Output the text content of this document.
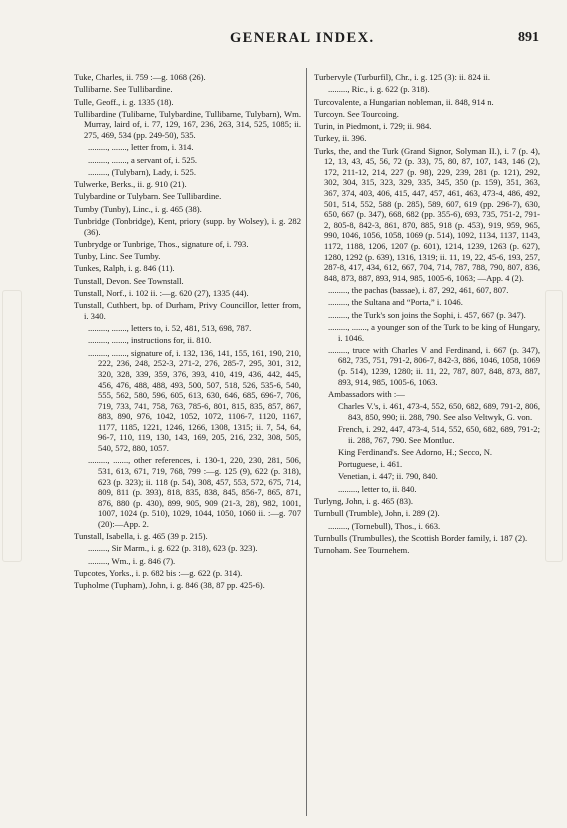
GENERAL INDEX.	891
Tuke, Charles, ii. 759 :—g. 1068 (26).
Tullibarne. See Tullibardine.
Tulle, Geoff., i. g. 1335 (18).
Tullibardine (Tulibarne, Tulybardine, Tullibarne, Tulybarn), Wm. Murray, laird of, i. 77, 129, 167, 236, 263, 314, 525, 1085; ii. 275, 469, 534 (pp. 249-50), 535.
........., ......., letter from, i. 314.
........., ......., a servant of, i. 525.
........., (Tulybarn), Lady, i. 525.
Tulwerke, Berks., ii. g. 910 (21).
Tulybardine or Tulybarn. See Tullibardine.
Tumby (Tunby), Linc., i. g. 465 (38).
Tunbridge (Tonbridge), Kent, priory (supp. by Wolsey), i. g. 282 (36).
Tunbrydge or Tunbrige, Thos., signature of, i. 793.
Tunby, Linc. See Tumby.
Tunkes, Ralph, i. g. 846 (11).
Tunstall, Devon. See Townstall.
Tunstall, Norf., i. 102 ii. :—g. 620 (27), 1335 (44).
Tunstall, Cuthbert, bp. of Durham, Privy Councillor, letter from, i. 340.
........., ......., letters to, i. 52, 481, 513, 698, 787.
........., ......., instructions for, ii. 810.
........., ......., signature of, i. 132, 136, 141, 155, 161, 190, 210, 222, 236, 248, 252-3, 271-2, 276, 285-7, 295, 301, 312, 320, 328, 339, 359, 376, 393, 410, 419, 436, 442, 445, 456, 476, 488, 488, 493, 500, 507, 518, 526, 535-6, 540, 555, 562, 580, 596, 605, 613, 630, 646, 685, 696-7, 706, 719, 733, 741, 758, 763, 785-6, 801, 815, 835, 857, 867, 883, 890, 976, 1042, 1052, 1072, 1106-7, 1120, 1167, 1177, 1185, 1221, 1246, 1266, 1308, 1315; ii. 7, 54, 64, 96-7, 110, 119, 130, 143, 169, 205, 216, 232, 308, 505, 540, 572, 880, 1057.
........., ......., other references, i. 130-1, 220, 230, 281, 506, 531, 613, 671, 719, 768, 799 :—g. 125 (9), 622 (p. 318), 623 (p. 323); ii. 118 (p. 54), 308, 457, 553, 572, 675, 714, 809, 811 (p. 393), 818, 835, 838, 845, 856-7, 865, 871, 876, 880 (p. 430), 899, 905, 909 (21-3, 28), 982, 1001, 1007, 1024 (p. 510), 1029, 1044, 1050, 1060 ii. :—g. 707 (20):—App. 2.
Tunstall, Isabella, i. g. 465 (39 p. 215).
........., Sir Marm., i. g. 622 (p. 318), 623 (p. 323).
........., Wm., i. g. 846 (7).
Tupcotes, Yorks., i. p. 682 bis :—g. 622 (p. 314).
Tupholme (Tupham), John, i. g. 846 (38, 87 pp. 425-6).
Turbervyle (Turburfil), Chr., i. g. 125 (3): ii. 824 ii.
........., Ric., i. g. 622 (p. 318).
Turcovalente, a Hungarian nobleman, ii. 848, 914 n.
Turcoyn. See Tourcoing.
Turin, in Piedmont, i. 729; ii. 984.
Turkey, ii. 396.
Turks, the, and the Turk (Grand Signor, Solyman II.), i. 7 (p. 4), 12, 13, 43, 45, 56, 72 (p. 33), 75, 80, 87, 107, 143, 146 (2), 172, 211-12, 214, 227 (p. 98), 229, 239, 281 (p. 121), 292, 302, 304, 315, 323, 329, 335, 345, 350 (p. 159), 351, 363, 367, 374, 403, 406, 415, 447, 457, 461, 463, 473-4, 486, 492, 501, 514, 552, 588 (p. 285), 589, 607, 619 (pp. 296-7), 630, 650, 667 (p. 347), 668, 682 (pp. 355-6), 693, 735, 751-2, 791-2, 805-8, 842-3, 861, 870, 885, 918 (p. 453), 919, 959, 965, 990, 1046, 1056, 1058, 1069 (p. 514), 1092, 1134, 1137, 1143, 1172, 1188, 1206, 1207 (p. 601), 1214, 1239, 1263 (p. 627), 1280, 1292 (p. 639), 1316, 1319; ii. 11, 19, 22, 45-6, 193, 257, 287-8, 417, 434, 612, 667, 704, 714, 787, 788, 790, 807, 836, 848, 873, 887, 893, 914, 985, 1005-6, 1063; —App. 4 (2).
........., the pachas (bassae), i. 87, 292, 461, 607, 807.
........., the Sultana and “Porta,” i. 1046.
........., the Turk's son joins the Sophi, i. 457, 667 (p. 347).
........., ......., a younger son of the Turk to be king of Hungary, i. 1046.
........., truce with Charles V and Ferdinand, i. 667 (p. 347), 682, 735, 751, 791-2, 806-7, 842-3, 886, 1046, 1058, 1069 (p. 514), 1239, 1280; ii. 11, 22, 787, 807, 848, 873, 887, 893, 914, 985, 1005-6, 1063.
Ambassadors with :—
Charles V.'s, i. 461, 473-4, 552, 650, 682, 689, 791-2, 806, 843, 850, 990; ii. 288, 790. See also Veltwyk, G. von.
French, i. 292, 447, 473-4, 514, 552, 650, 682, 689, 791-2; ii. 288, 767, 790. See Montluc.
King Ferdinand's. See Adorno, H.; Secco, N.
Portuguese, i. 461.
Venetian, i. 447; ii. 790, 840.
........., letter to, ii. 840.
Turlyng, John, i. g. 465 (83).
Turnbull (Trumble), John, i. 289 (2).
........., (Tornebull), Thos., i. 663.
Turnbulls (Trumbulles), the Scottish Border family, i. 187 (2).
Turnoham. See Tournehem.
